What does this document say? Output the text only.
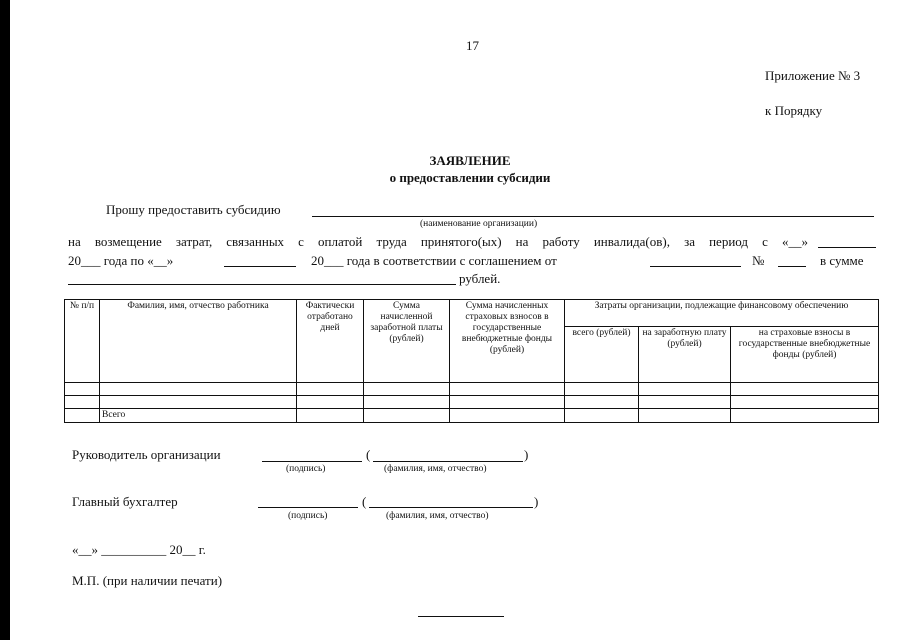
17
Приложение № 3
к Порядку
ЗАЯВЛЕНИЕ
о предоставлении субсидии
Прошу предоставить субсидию
(наименование организации)
на возмещение затрат, связанных с оплатой труда принятого(ых) на работу инвалида(ов), за период с «__»
20___ года по «__»	20___ года в соответствии с соглашением от	№	в сумме
рублей.
№ п/п	Фамилия, имя, отчество работника	Фактически отработано дней	Сумма начисленной заработной платы (рублей)	Сумма начисленных страховых взносов в государственные внебюджетные фонды (рублей)	Затраты организации, подлежащие финансовому обеспечению		
					всего (рублей)	на заработную плату (рублей)	на страховые взносы в государственные внебюджетные фонды (рублей)

	Всего						
Руководитель организации	(	)
(подпись)	(фамилия, имя, отчество)
Главный бухгалтер	(	)
(подпись)	(фамилия, имя, отчество)
«__» __________ 20__ г.
М.П. (при наличии печати)
